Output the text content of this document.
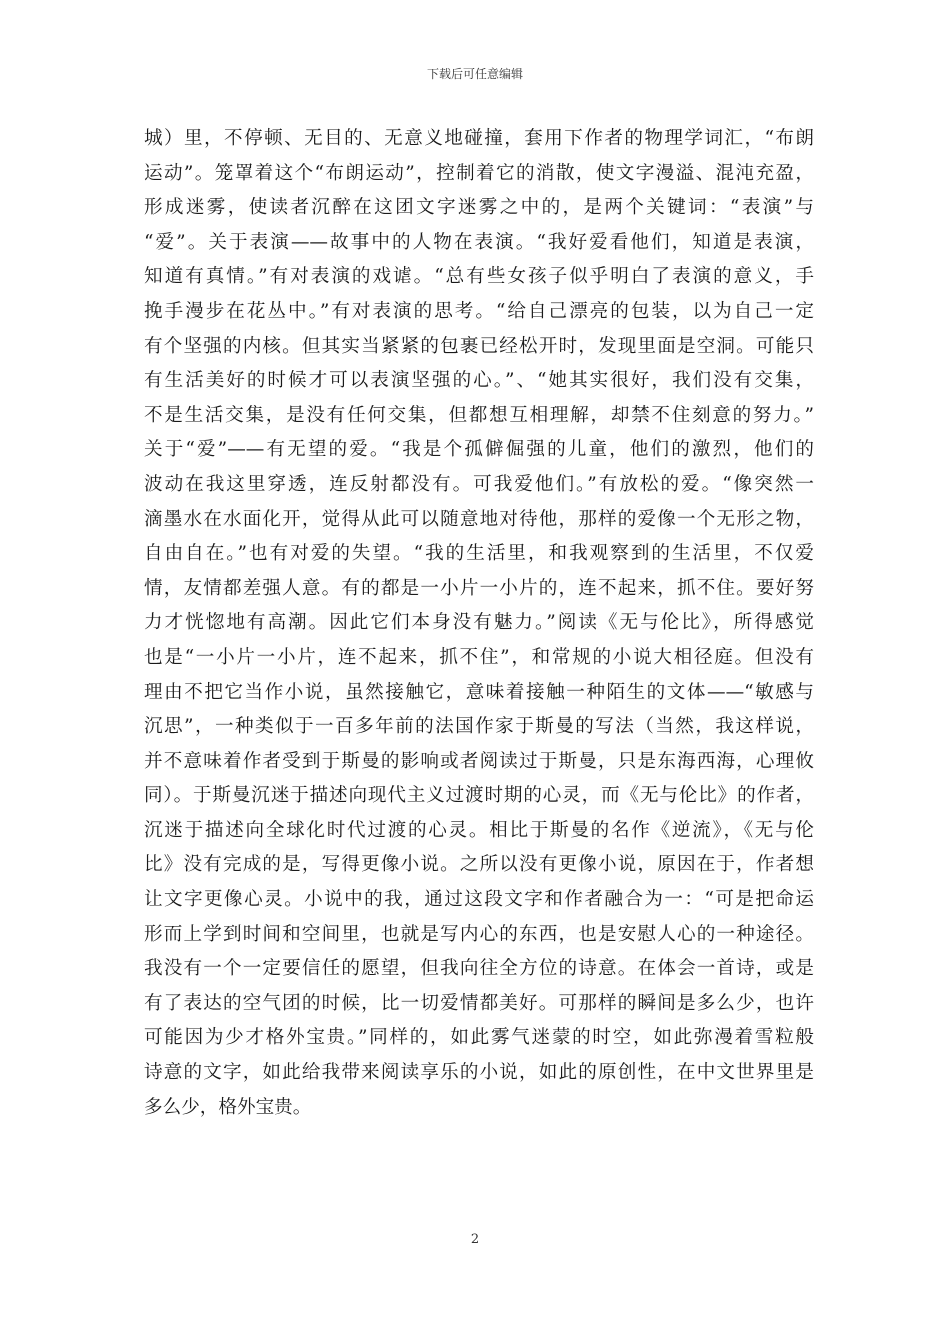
下载后可任意编辑
城）里，不停顿、无目的、无意义地碰撞，套用下作者的物理学词汇，“布朗
运动”。笼罩着这个“布朗运动”，控制着它的消散，使文字漫溢、混沌充盈，
形成迷雾，使读者沉醉在这团文字迷雾之中的，是两个关键词：“表演”与
“爱”。关于表演——故事中的人物在表演。“我好爱看他们，知道是表演，
知道有真情。”有对表演的戏谑。“总有些女孩子似乎明白了表演的意义，手
挽手漫步在花丛中。”有对表演的思考。“给自己漂亮的包装，以为自己一定
有个坚强的内核。但其实当紧紧的包裹已经松开时，发现里面是空洞。可能只
有生活美好的时候才可以表演坚强的心。”、“她其实很好，我们没有交集，
不是生活交集，是没有任何交集，但都想互相理解，却禁不住刻意的努力。”
关于“爱”——有无望的爱。“我是个孤僻倔强的儿童，他们的激烈，他们的
波动在我这里穿透，连反射都没有。可我爱他们。”有放松的爱。“像突然一
滴墨水在水面化开，觉得从此可以随意地对待他，那样的爱像一个无形之物，
自由自在。”也有对爱的失望。“我的生活里，和我观察到的生活里，不仅爱
情，友情都差强人意。有的都是一小片一小片的，连不起来，抓不住。要好努
力才恍惚地有高潮。因此它们本身没有魅力。”阅读《无与伦比》，所得感觉
也是“一小片一小片，连不起来，抓不住”，和常规的小说大相径庭。但没有
理由不把它当作小说，虽然接触它，意味着接触一种陌生的文体——“敏感与
沉思”，一种类似于一百多年前的法国作家于斯曼的写法（当然，我这样说，
并不意味着作者受到于斯曼的影响或者阅读过于斯曼，只是东海西海，心理攸
同）。于斯曼沉迷于描述向现代主义过渡时期的心灵，而《无与伦比》的作者，
沉迷于描述向全球化时代过渡的心灵。相比于斯曼的名作《逆流》，《无与伦
比》没有完成的是，写得更像小说。之所以没有更像小说，原因在于，作者想
让文字更像心灵。小说中的我，通过这段文字和作者融合为一：“可是把命运
形而上学到时间和空间里，也就是写内心的东西，也是安慰人心的一种途径。
我没有一个一定要信任的愿望，但我向往全方位的诗意。在体会一首诗，或是
有了表达的空气团的时候，比一切爱情都美好。可那样的瞬间是多么少，也许
可能因为少才格外宝贵。”同样的，如此雾气迷蒙的时空，如此弥漫着雪粒般
诗意的文字，如此给我带来阅读享乐的小说，如此的原创性，在中文世界里是
多么少，格外宝贵。
2
